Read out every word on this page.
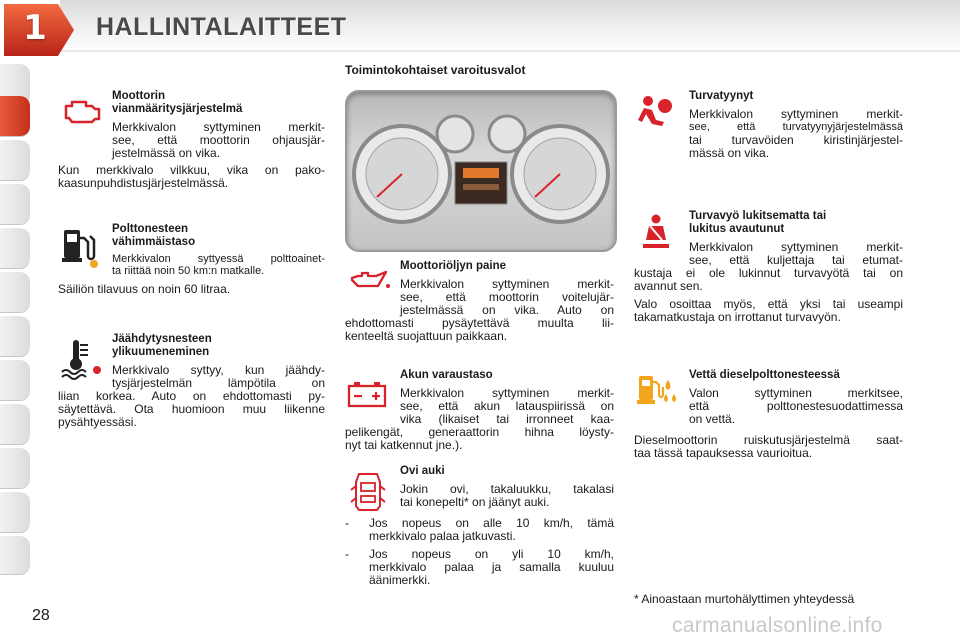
1	HALLINTALAITTEET
Toimintokohtaiset varoitusvalot
Moottorin
vianmääritysjärjestelmä
Merkkivalon syttyminen merkit-
see, että moottorin ohjausjär-
jestelmässä on vika.
Kun merkkivalo vilkkuu, vika on pako-
kaasunpuhdistusjärjestelmässä.
Polttonesteen
vähimmäistaso
Merkkivalon syttyessä polttoainet-
ta riittää noin 50 km:n matkalle.
Säiliön tilavuus on noin 60 litraa.
Jäähdytysnesteen
ylikuumeneminen
Merkkivalo syttyy, kun jäähdy-
tysjärjestelmän lämpötila on
liian korkea. Auto on ehdottomasti py-
säytettävä. Ota huomioon muu liikenne
pysähtyessäsi.
Moottoriöljyn paine
Merkkivalon syttyminen merkit-
see, että moottorin voitelujär-
jestelmässä on vika. Auto on
ehdottomasti pysäytettävä muulta lii-
kenteeltä suojattuun paikkaan.
Akun varaustaso
Merkkivalon syttyminen merkit-
see, että akun latauspiirissä on
vika (likaiset tai irronneet kaa-
pelikengät, generaattorin hihna löysty-
nyt tai katkennut jne.).
Ovi auki
Jokin ovi, takaluukku, takalasi
tai konepelti* on jäänyt auki.
- Jos nopeus on alle 10 km/h, tämä
merkkivalo palaa jatkuvasti.
- Jos nopeus on yli 10 km/h,
merkkivalo palaa ja samalla kuuluu
äänimerkki.
Turvatyynyt
Merkkivalon syttyminen merkit-
see, että turvatyynyjärjestelmässä
tai turvavöiden kiristinjärjestel-
mässä on vika.
Turvavyö lukitsematta tai
lukitus avautunut
Merkkivalon syttyminen merkit-
see, että kuljettaja tai etumat-
kustaja ei ole lukinnut turvavyötä tai on
avannut sen.
Valo osoittaa myös, että yksi tai useampi
takamatkustaja on irrottanut turvavyön.
Vettä dieselpolttonesteessä
Valon syttyminen merkitsee,
että polttonestesuodattimessa
on vettä.
Dieselmoottorin ruiskutusjärjestelmä saat-
taa tässä tapauksessa vaurioitua.
* Ainoastaan murtohälyttimen yhteydessä
28	carmanualsonline.info
